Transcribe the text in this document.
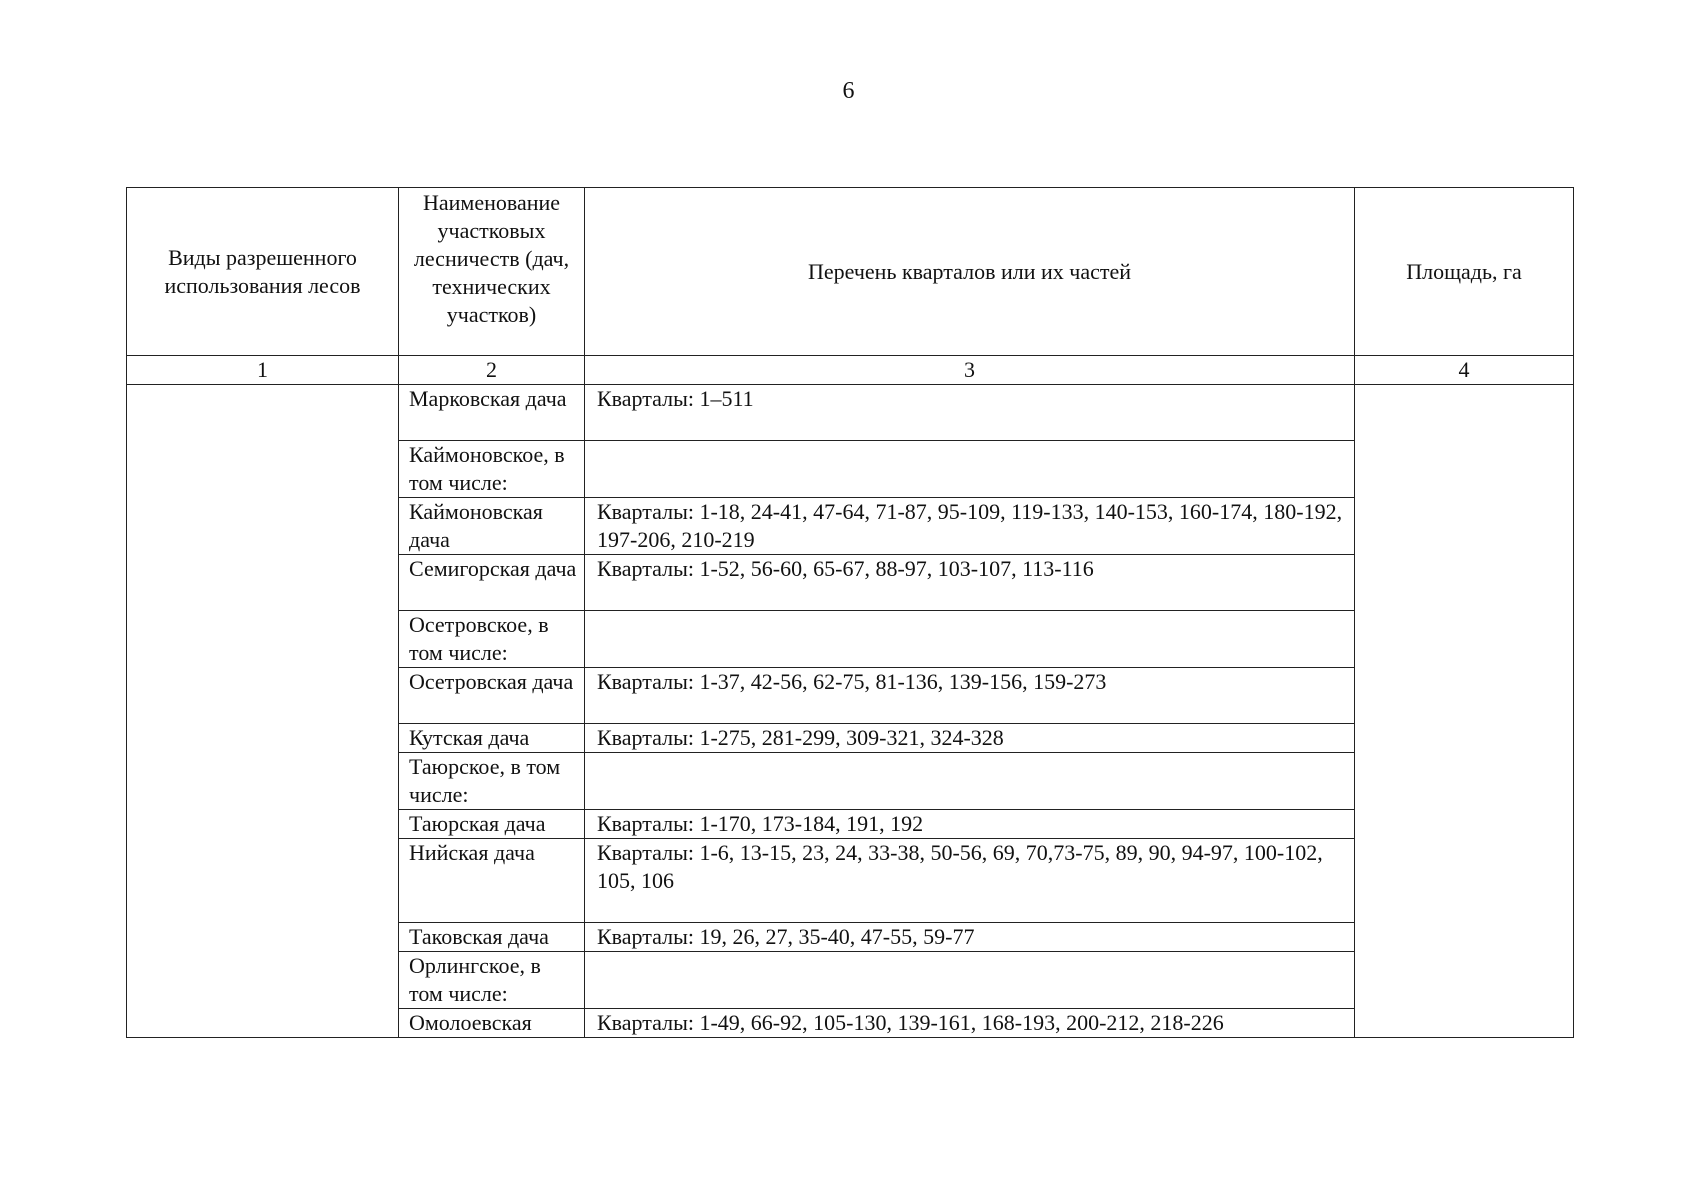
6
Виды разрешенного использования лесов	Наименование участковых лесничеств (дач, технических участков)	Перечень кварталов или их частей	Площадь, га
1	2	3	4
	Марковская дача	Кварталы: 1–511	
	Каймоновское, в том числе:		
	Каймоновская дача	Кварталы: 1-18, 24-41, 47-64, 71-87, 95-109, 119-133, 140-153, 160-174, 180-192, 197-206, 210-219	
	Семигорская дача	Кварталы: 1-52, 56-60, 65-67, 88-97, 103-107, 113-116	
	Осетровское, в том числе:		
	Осетровская дача	Кварталы: 1-37, 42-56, 62-75, 81-136, 139-156, 159-273	
	Кутская дача	Кварталы: 1-275, 281-299, 309-321, 324-328	
	Таюрское, в том числе:		
	Таюрская дача	Кварталы: 1-170, 173-184, 191, 192	
	Нийская дача	Кварталы: 1-6, 13-15, 23, 24, 33-38, 50-56, 69, 70,73-75, 89, 90, 94-97, 100-102, 105, 106	
	Таковская дача	Кварталы: 19, 26, 27, 35-40, 47-55, 59-77	
	Орлингское, в том числе:		
	Омолоевская	Кварталы: 1-49, 66-92, 105-130, 139-161, 168-193, 200-212, 218-226	
